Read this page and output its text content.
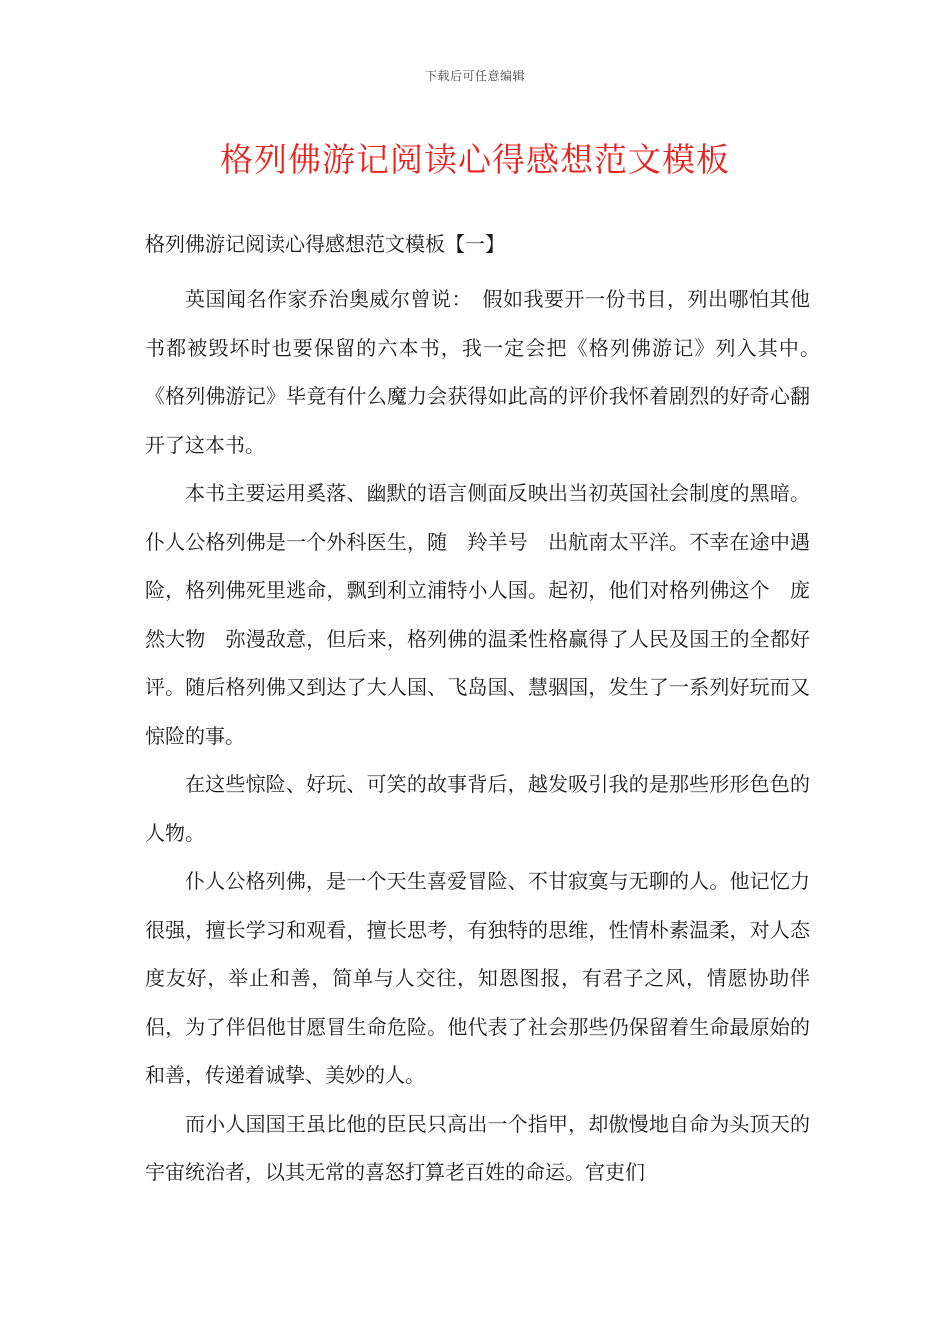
下载后可任意编辑
格列佛游记阅读心得感想范文模板
格列佛游记阅读心得感想范文模板【一】

英国闻名作家乔治奥威尔曾说：　假如我要开一份书目，列出哪怕其他书都被毁坏时也要保留的六本书，我一定会把《格列佛游记》列入其中。　《格列佛游记》毕竟有什么魔力会获得如此高的评价我怀着剧烈的好奇心翻开了这本书。

本书主要运用奚落、幽默的语言侧面反映出当初英国社会制度的黑暗。仆人公格列佛是一个外科医生，随　羚羊号　出航南太平洋。不幸在途中遇险，格列佛死里逃命，飘到利立浦特小人国。起初，他们对格列佛这个　庞然大物　弥漫敌意，但后来，格列佛的温柔性格赢得了人民及国王的全都好评。随后格列佛又到达了大人国、飞岛国、慧骃国，发生了一系列好玩而又惊险的事。

在这些惊险、好玩、可笑的故事背后，越发吸引我的是那些形形色色的人物。

仆人公格列佛，是一个天生喜爱冒险、不甘寂寞与无聊的人。他记忆力很强，擅长学习和观看，擅长思考，有独特的思维，性情朴素温柔，对人态度友好，举止和善，简单与人交往，知恩图报，有君子之风，情愿协助伴侣，为了伴侣他甘愿冒生命危险。他代表了社会那些仍保留着生命最原始的和善，传递着诚挚、美妙的人。

而小人国国王虽比他的臣民只高出一个指甲，却傲慢地自命为头顶天的宇宙统治者，以其无常的喜怒打算老百姓的命运。官吏们
